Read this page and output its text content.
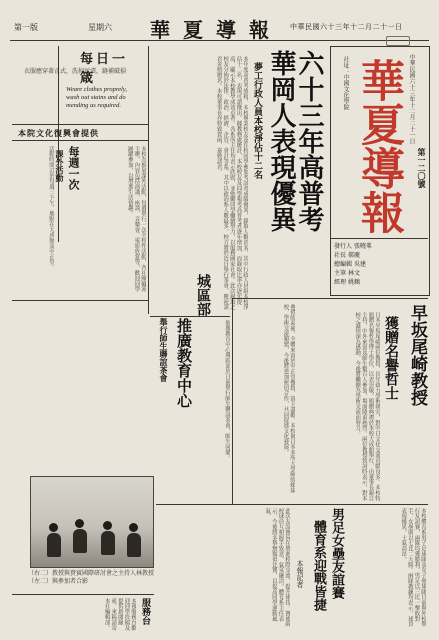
第一版	星期六 華夏導報 中華民國六十三年十二月二十一日
華夏導報 中華民國六十三年十二月二十一日
社址：中國文化學院
第一二〇號
發行人 張曉峯
社長 郝慶
總編輯 吳建
主筆 林文
經理 姚鶴
六十三年高普考
華岡人表現優異
夢工行政人員本校淨佔十二名
本年度高普考放榜，本校畢業校友及在校同學參加考試者成績優異，錄取人數甚多，其中行政人員組本校淨佔十二名，表現可謂傑出。據教務處統計，本校校友及同學報考高普考者逐年增加，而錄取比率亦逐年提高，顯示本校教學成效卓著。各系所主任均表示欣慰，並勉勵同學繼續努力，以服務國家社會。此次錄取之校友分佈於法律、政治、經濟、企管、會計等系，其中以政治系人數最多。校方將於近日舉行茶會，慶祝諸君金榜題名。本校董事長亦特致賀函，嘉勉諸君。
早坂尾崎教授
獲贈名譽哲士
日本早坂尾崎兩位教授，長年致力學術研究，對中日文化交流貢獻良多。本校特頒贈名譽哲學博士學位，以表崇敬。頒贈典禮於本校大成館舉行，由董事長親自主持，中外來賓及師生數百人參加，場面隆重熱烈。兩位教授致詞時表示，對本校之盛情深為感動，今後將繼續為學術交流而努力。
典禮結束後，全體來賓於中正堂餐敘，賓主盡歡。本校與日本多所大學締結姊妹校，學術交流頻繁，今後將更加密切合作，共同促進文化發展。
城區部
推廣教育中心
舉行師生聯誼茶會	推廣教育中心城區部於日前舉行師生聯誼茶會，師生同樂。
每日一箴
衣服應穿著正式，洗掉污漬，縫補破損
Weare clothes proprely,
wash out stains and do
mending as required.
本院文化復興會提供
每週一次
課外活動	本校為推展課外活動，每週舉行一次全校性活動，各社團輪流主辦，內容包括演講、座談、音樂會、電影欣賞等，歡迎同學踴躍參加，以增進生活情趣。
活動時間訂於每週三下午，地點在大成館及中正堂。
（右二）教授與貴賓國際研討會之主持人林教授（左二）與參加者合影	男足女壘友誼賽
體育系迎戰皆捷
本報記者	本校體育系男子足球隊及女子壘球隊日前與外校舉行友誼賽，兩隊均獲勝利。男足以三比一擊敗對手，女壘則以七比二大勝。兩隊教練均表示，球員表現優異，士氣高昂。
此次友誼賽旨在增進校際交流，提升球技。賽後兩校球員互相握手致意，氣氛融洽。體育系主任表示，今後將多舉辦類似比賽，以提高同學運動風氣。
服務台
本報服務台歡迎同學投稿及提供新聞線索，來稿請寄本社編輯部。
